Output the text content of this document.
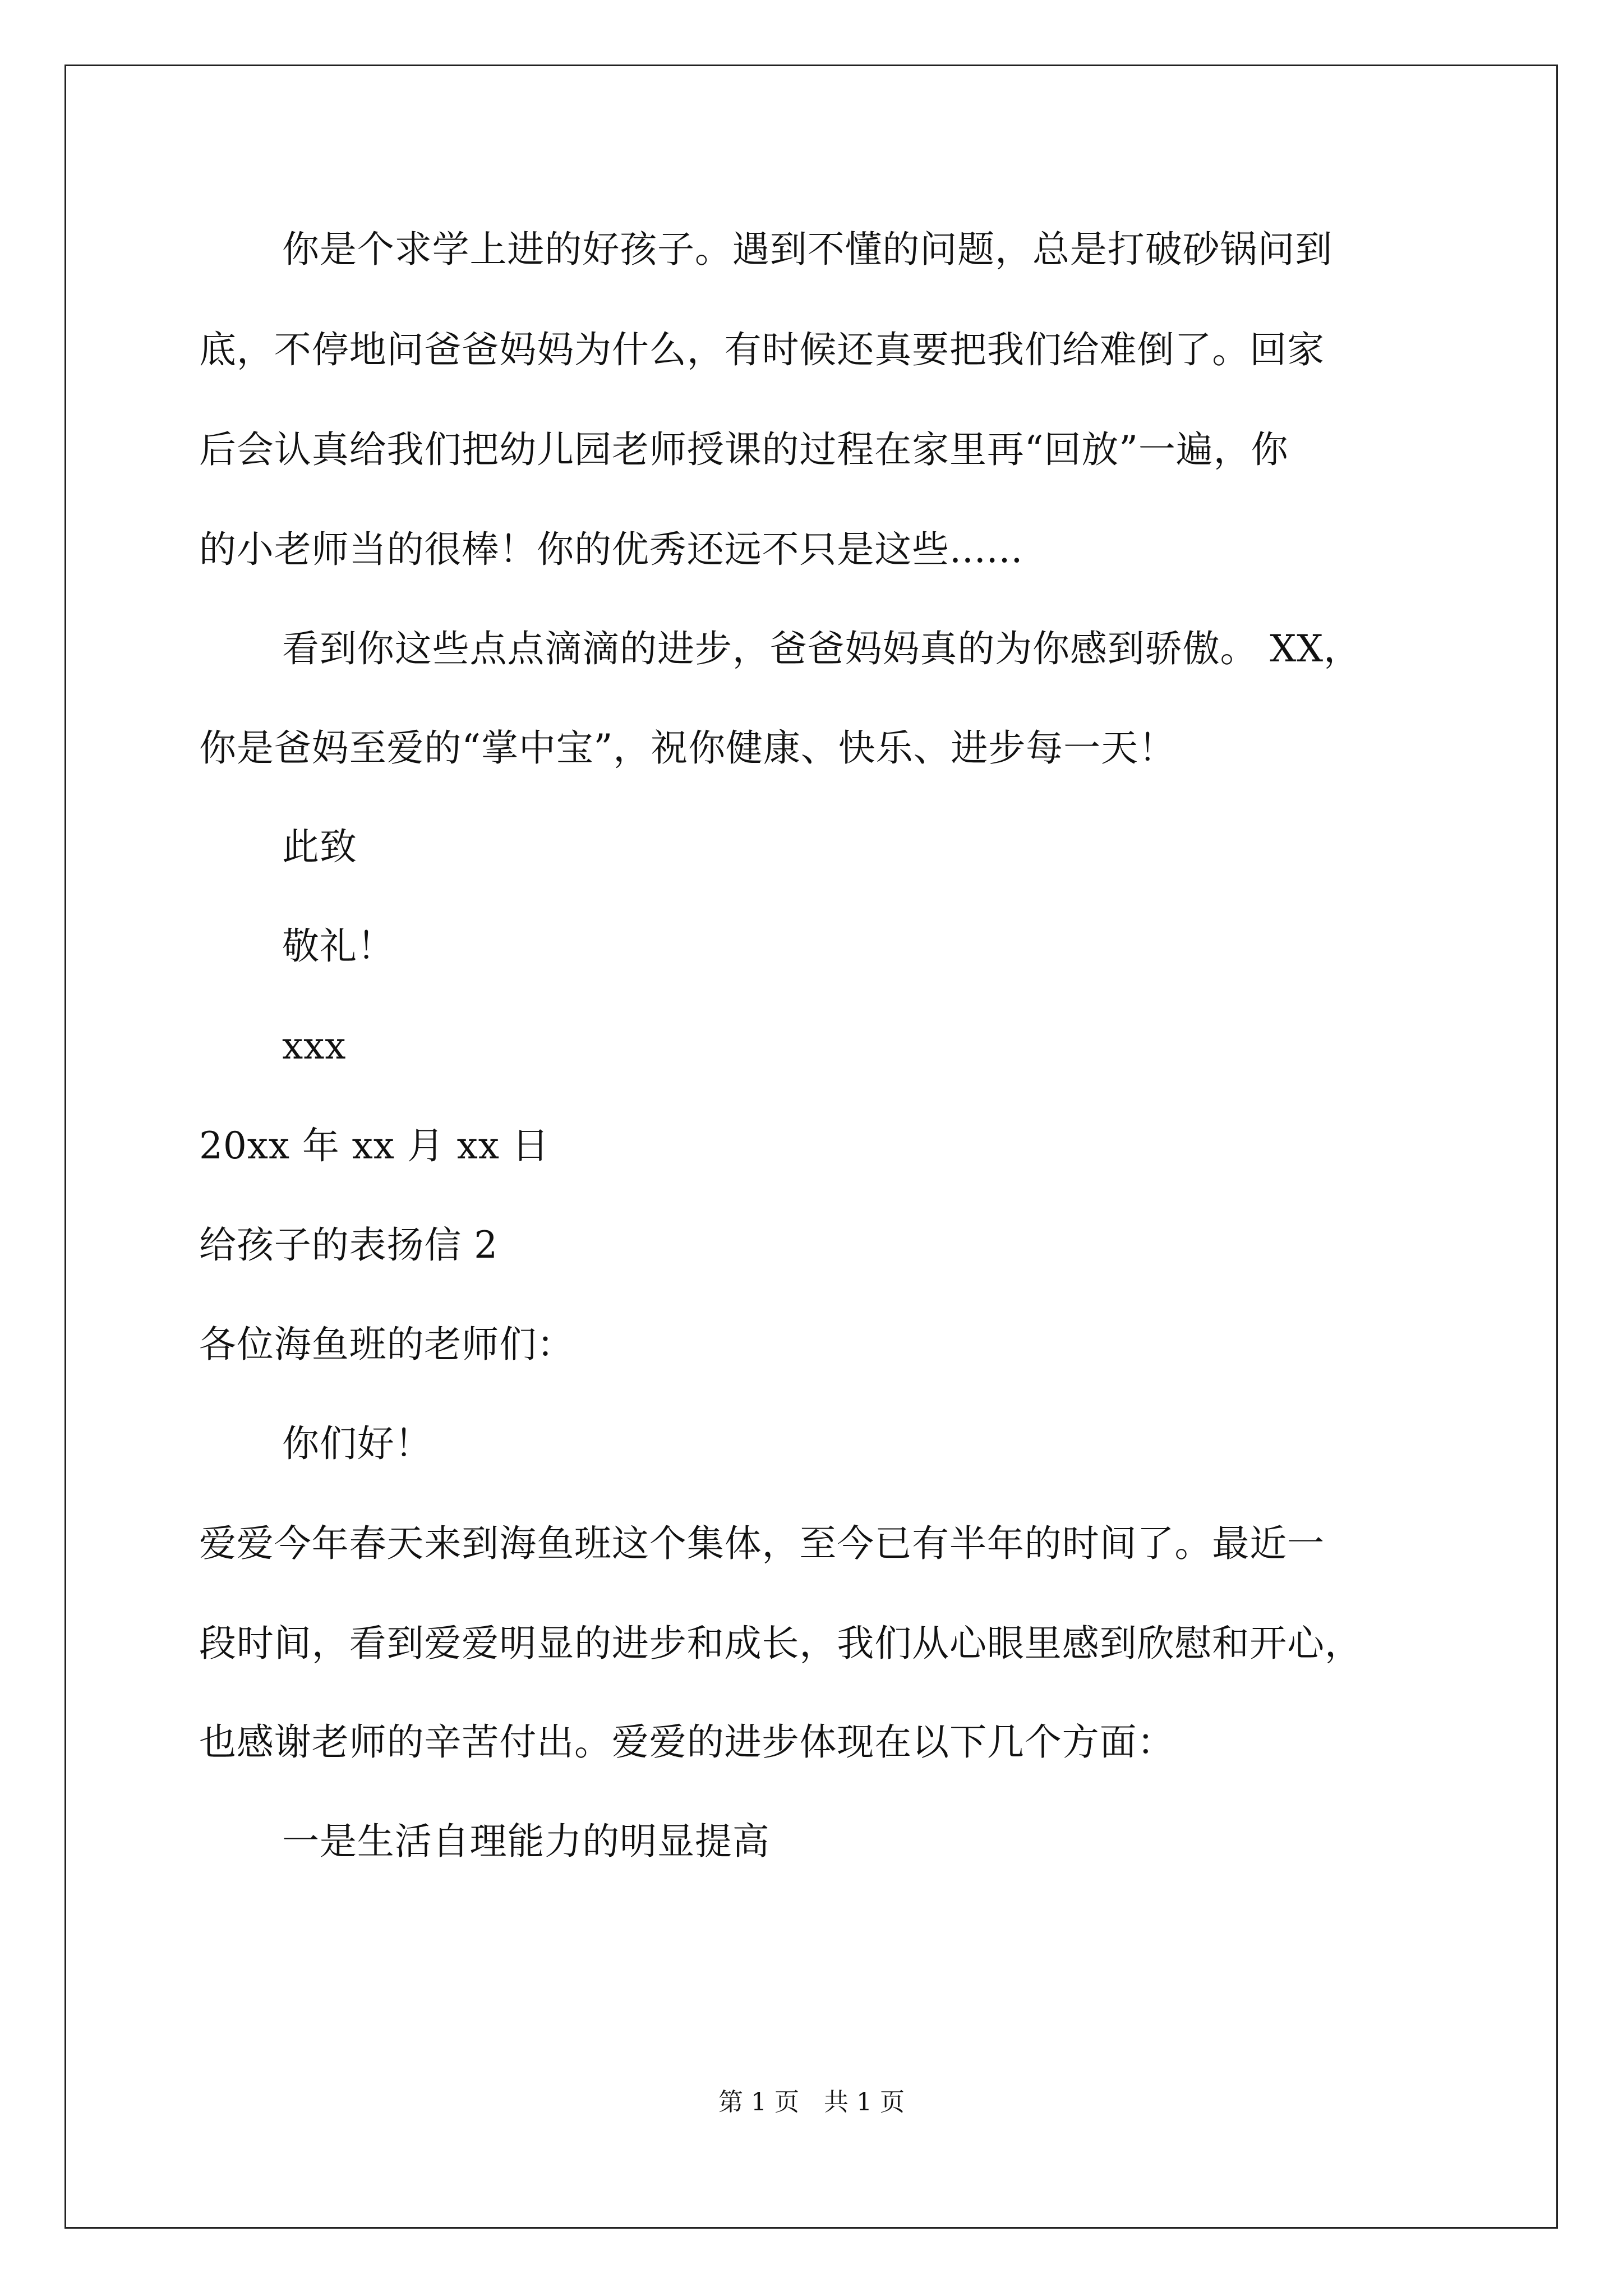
你是个求学上进的好孩子。遇到不懂的问题，总是打破砂锅问到
底，不停地问爸爸妈妈为什么，有时候还真要把我们给难倒了。回家
后会认真给我们把幼儿园老师授课的过程在家里再“回放”一遍，你
的小老师当的很棒！你的优秀还远不只是这些......
看到你这些点点滴滴的进步，爸爸妈妈真的为你感到骄傲。 XX，
你是爸妈至爱的“掌中宝”，祝你健康、快乐、进步每一天！
此致
敬礼！
xxx
20xx 年 xx 月 xx 日
给孩子的表扬信 2
各位海鱼班的老师们：
你们好！
爱爱今年春天来到海鱼班这个集体，至今已有半年的时间了。最近一
段时间，看到爱爱明显的进步和成长，我们从心眼里感到欣慰和开心，
也感谢老师的辛苦付出。爱爱的进步体现在以下几个方面：
一是生活自理能力的明显提高
第 1 页　共 1 页
